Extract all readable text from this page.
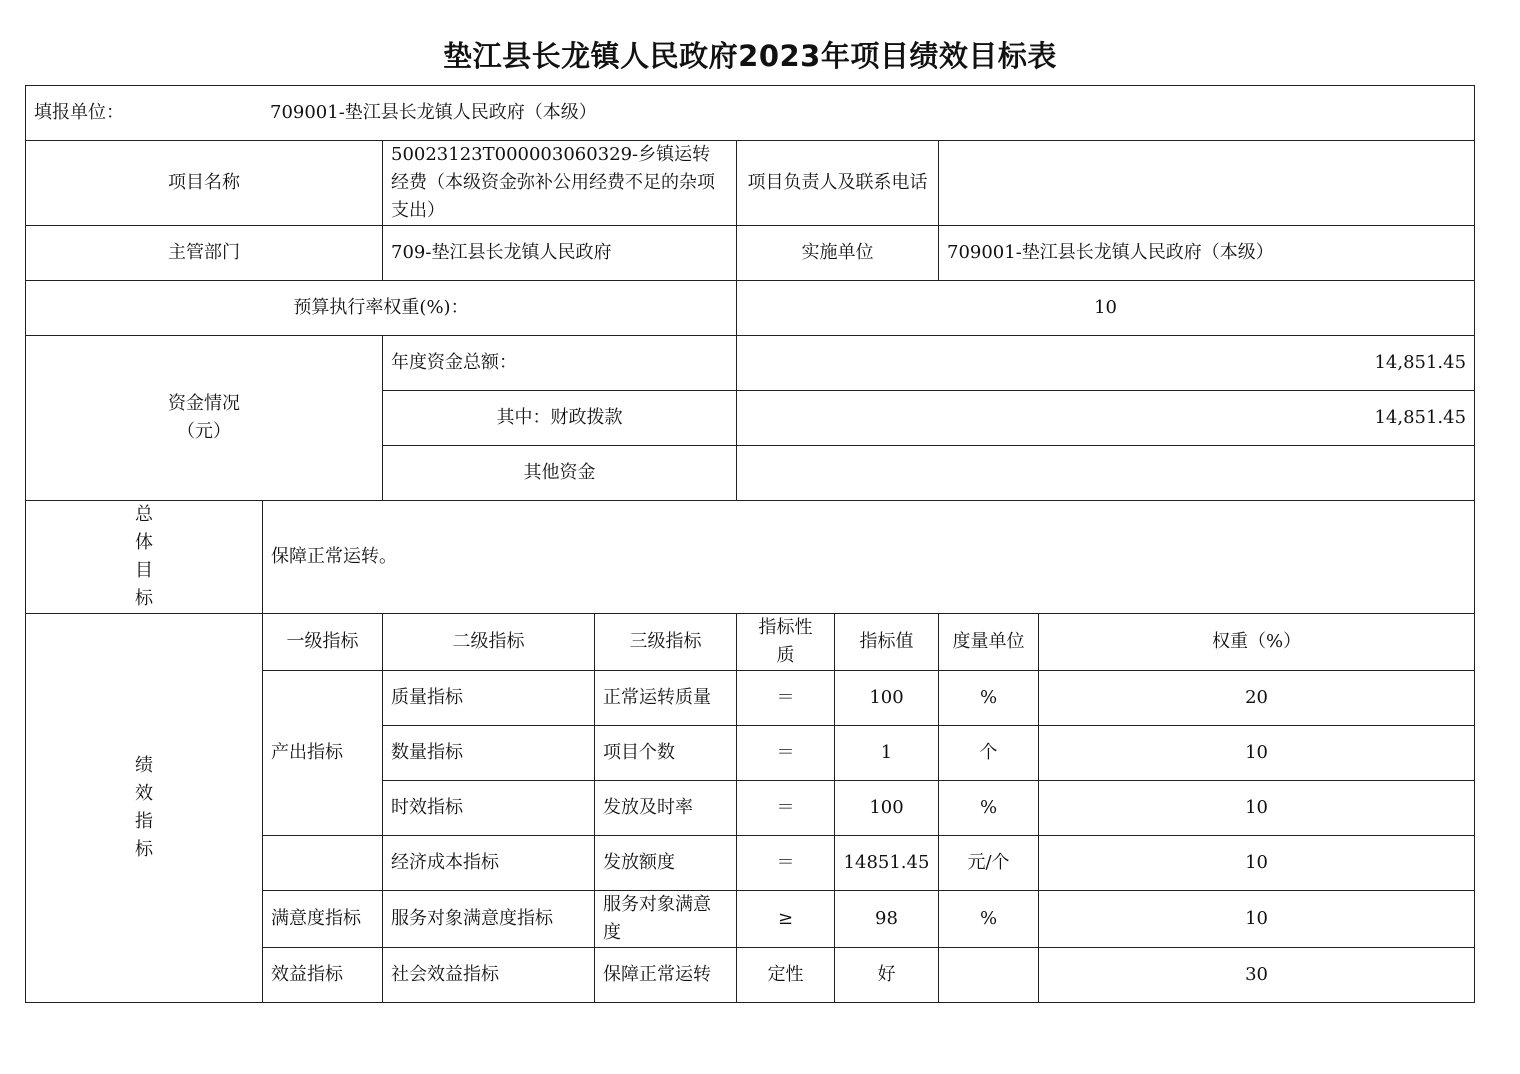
垫江县长龙镇人民政府2023年项目绩效目标表
填报单位： 709001-垫江县长龙镇人民政府（本级）							
项目名称		50023123T000003060329-乡镇运转经费（本级资金弥补公用经费不足的杂项支出）		项目负责人及联系电话			
主管部门		709-垫江县长龙镇人民政府		实施单位		709001-垫江县长龙镇人民政府（本级）	
预算执行率权重(%)：				10			

资金情况（元）		年度资金总额：		14,851.45			
		其中：财政拨款		14,851.45			
		其他资金					

总体目标	保障正常运转。						

绩效指标	一级指标	二级指标	三级指标	指标性质	指标值	度量单位	权重（%）
	产出指标	质量指标	正常运转质量	＝	100	%	20
		数量指标	项目个数	＝	1	个	10
		时效指标	发放及时率	＝	100	%	10
		经济成本指标	发放额度	＝	14851.45	元/个	10
	满意度指标	服务对象满意度指标	服务对象满意度	≥	98	%	10
	效益指标	社会效益指标	保障正常运转	定性	好		30
